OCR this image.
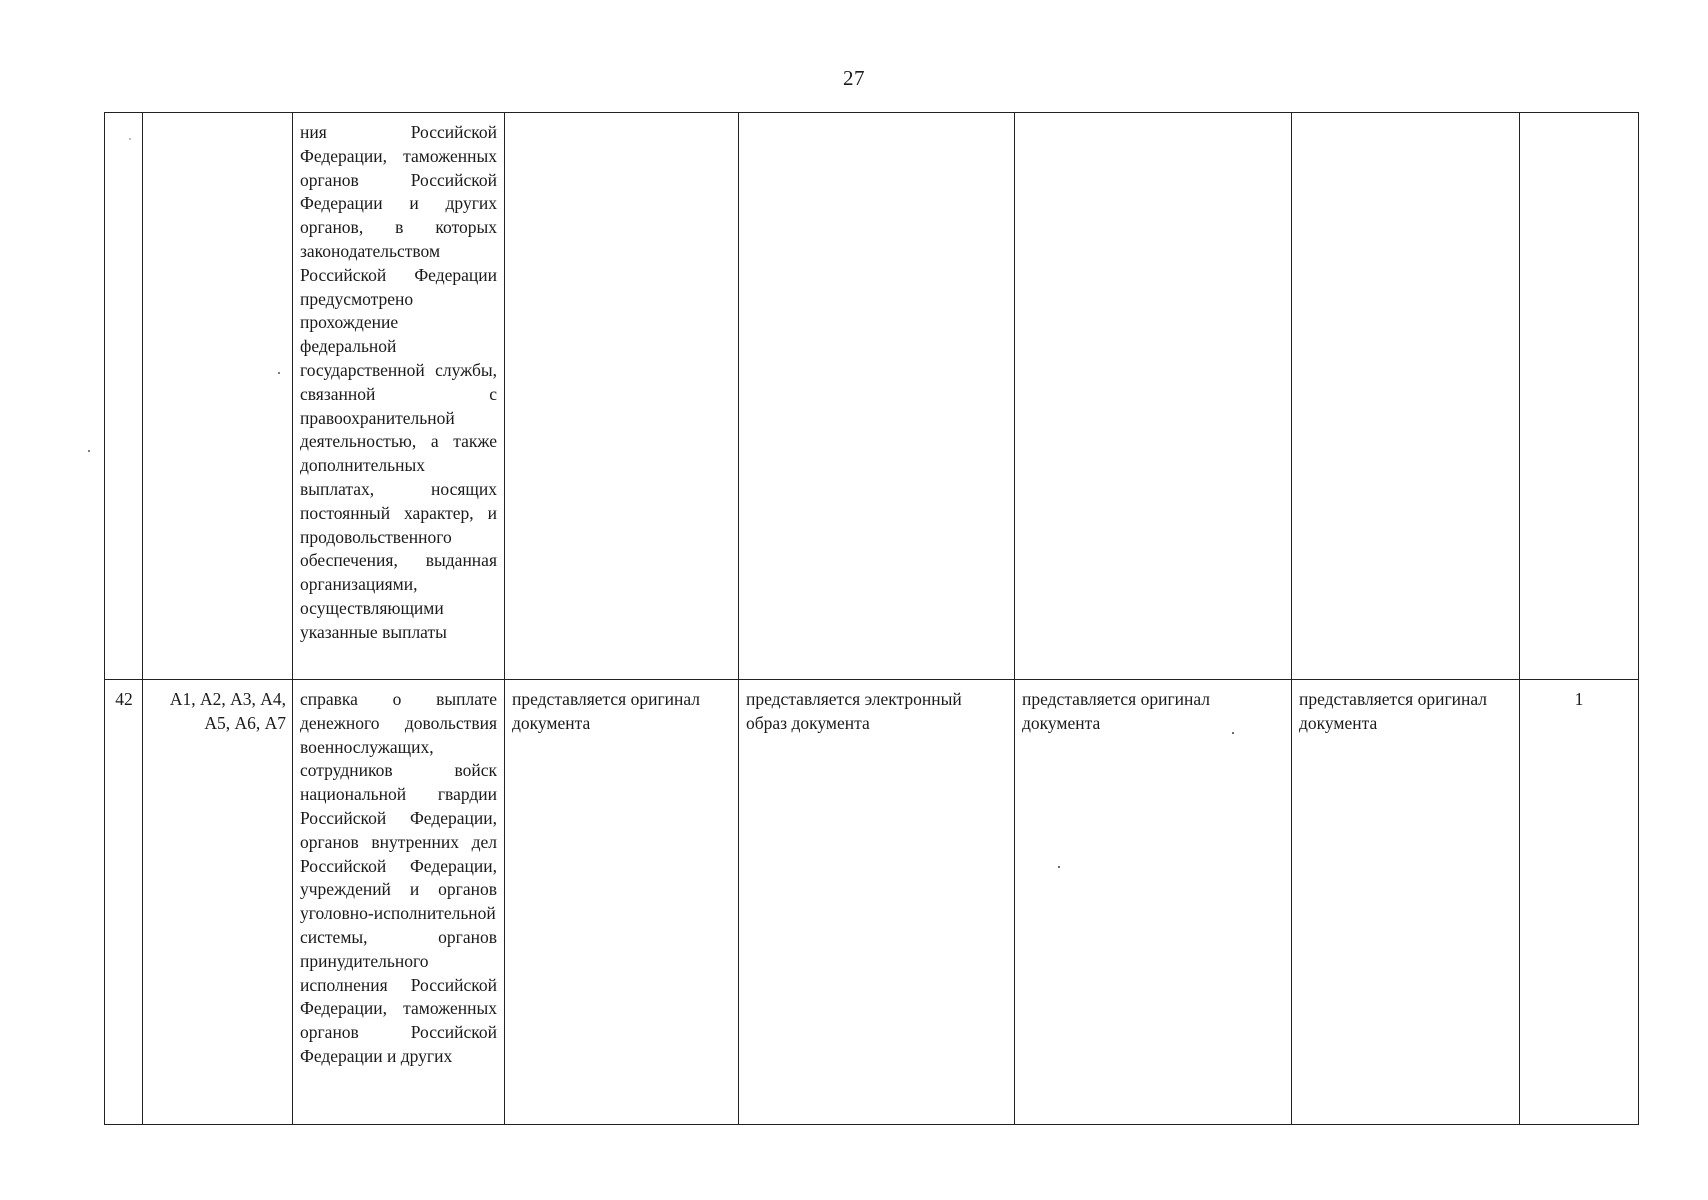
27

		ния Российской Федерации, таможенных органов Российской Федерации и других органов, в которых законодательством Российской Федерации предусмотрено прохождение федеральной государственной службы, связанной с правоохранительной деятельностью, а также дополнительных выплатах, носящих постоянный характер, и продовольственного обеспечения, выданная организациями, осуществляющими указанные выплаты					

42	А1, А2, А3, А4, А5, А6, А7	справка о выплате денежного довольствия военнослужащих, сотрудников войск национальной гвардии Российской Федерации, органов внутренних дел Российской Федерации, учреждений и органов уголовно-исполнительной системы, органов принудительного исполнения Российской Федерации, таможенных органов Российской Федерации и других	представляется оригинал документа	представляется электронный образ документа	представляется оригинал документа	представляется оригинал документа	1
